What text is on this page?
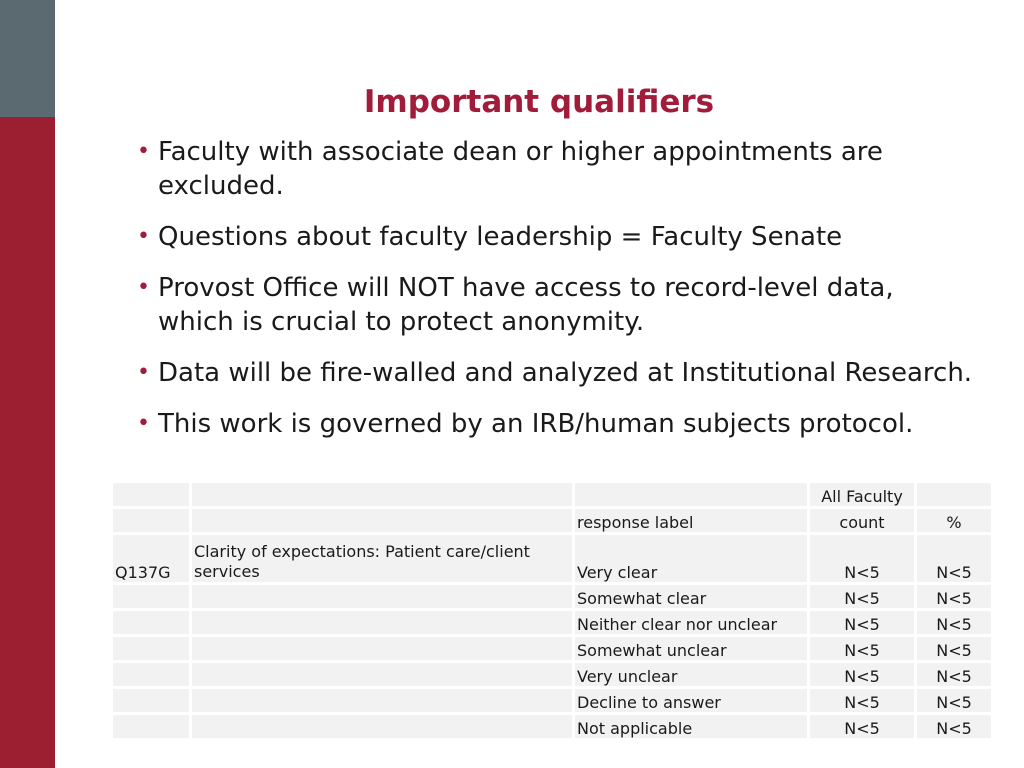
Important qualifiers
• Faculty with associate dean or higher appointments are excluded.
• Questions about faculty leadership = Faculty Senate
• Provost Office will NOT have access to record-level data, which is crucial to protect anonymity.
• Data will be fire-walled and analyzed at Institutional Research.
• This work is governed by an IRB/human subjects protocol.
			All Faculty	
		response label	count	%
Q137G	Clarity of expectations: Patient care/client services	Very clear	N<5	N<5
		Somewhat clear	N<5	N<5
		Neither clear nor unclear	N<5	N<5
		Somewhat unclear	N<5	N<5
		Very unclear	N<5	N<5
		Decline to answer	N<5	N<5
		Not applicable	N<5	N<5
